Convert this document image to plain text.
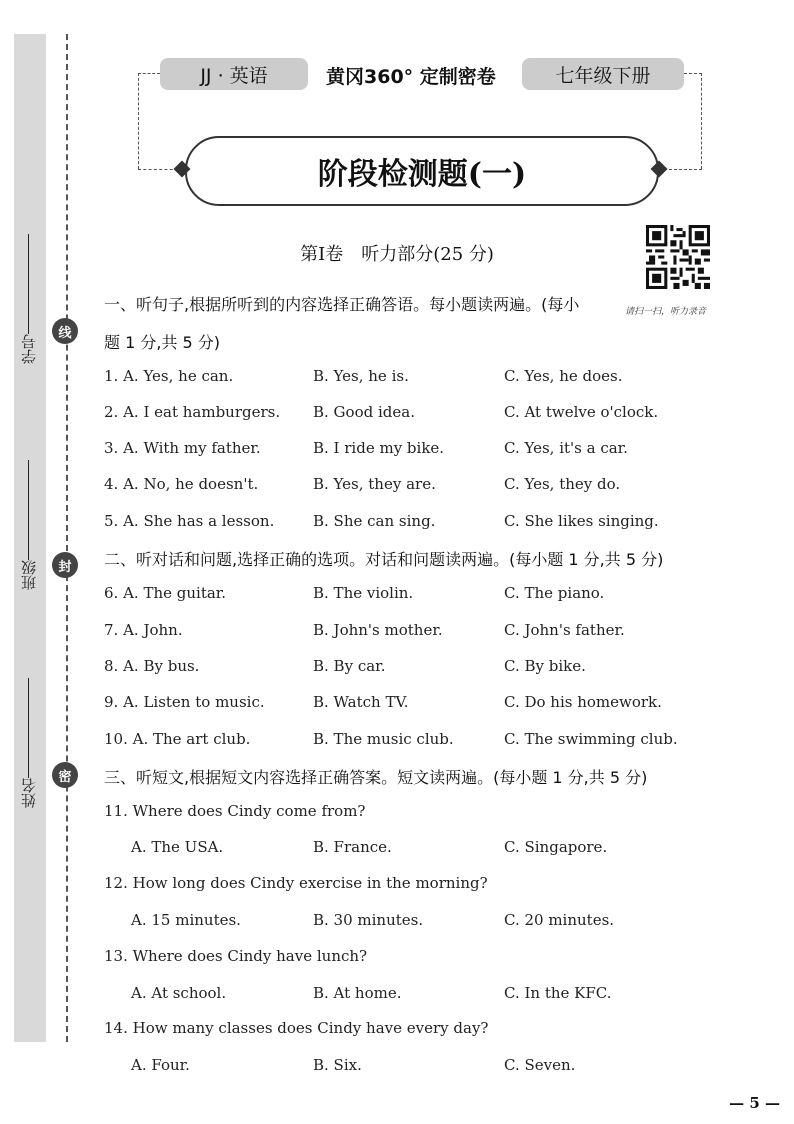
学号
班级
姓名
线
封
密
JJ · 英语	黄冈360° 定制密卷	七年级下册
阶段检测题(一)
请扫一扫，听力录音
第Ⅰ卷　听力部分(25 分)
一、听句子,根据所听到的内容选择正确答语。每小题读两遍。(每小
题 1 分,共 5 分)
1. A. Yes, he can.	B. Yes, he is.	C. Yes, he does.
2. A. I eat hamburgers. B. Good idea.	C. At twelve o'clock.
3. A. With my father.	B. I ride my bike.	C. Yes, it's a car.
4. A. No, he doesn't.	B. Yes, they are.	C. Yes, they do.
5. A. She has a lesson.	B. She can sing.	C. She likes singing.
二、听对话和问题,选择正确的选项。对话和问题读两遍。(每小题 1 分,共 5 分)
6. A. The guitar.	B. The violin.	C. The piano.
7. A. John.	B. John's mother.	C. John's father.
8. A. By bus.	B. By car.	C. By bike.
9. A. Listen to music.	B. Watch TV.	C. Do his homework.
10. A. The art club.	B. The music club.	C. The swimming club.
三、听短文,根据短文内容选择正确答案。短文读两遍。(每小题 1 分,共 5 分)
11. Where does Cindy come from?
A. The USA.	B. France.	C. Singapore.
12. How long does Cindy exercise in the morning?
A. 15 minutes.	B. 30 minutes.	C. 20 minutes.
13. Where does Cindy have lunch?
A. At school.	B. At home.	C. In the KFC.
14. How many classes does Cindy have every day?
A. Four.	B. Six.	C. Seven.
— 5 —
